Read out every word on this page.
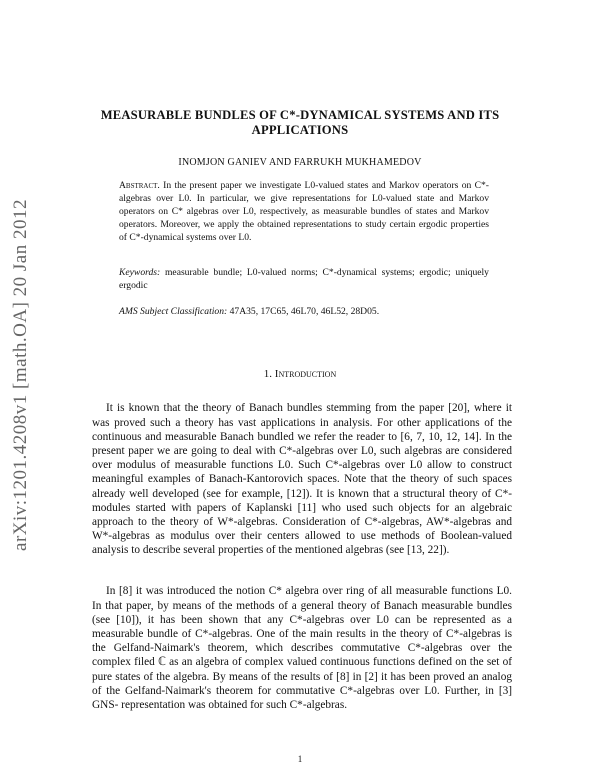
arXiv:1201.4208v1 [math.OA] 20 Jan 2012
MEASURABLE BUNDLES OF C*-DYNAMICAL SYSTEMS AND ITS APPLICATIONS
INOMJON GANIEV AND FARRUKH MUKHAMEDOV
Abstract. In the present paper we investigate L0-valued states and Markov operators on C*-algebras over L0. In particular, we give representations for L0-valued state and Markov operators on C* algebras over L0, respectively, as measurable bundles of states and Markov operators. Moreover, we apply the obtained representations to study certain ergodic properties of C*-dynamical systems over L0.
Keywords: measurable bundle; L0-valued norms; C*-dynamical systems; ergodic; uniquely ergodic
AMS Subject Classification: 47A35, 17C65, 46L70, 46L52, 28D05.
1. Introduction

It is known that the theory of Banach bundles stemming from the paper [20], where it was proved such a theory has vast applications in analysis. For other applications of the continuous and measurable Banach bundled we refer the reader to [6, 7, 10, 12, 14]. In the present paper we are going to deal with C*-algebras over L0, such algebras are considered over modulus of measurable functions L0. Such C*-algebras over L0 allow to construct meaningful examples of Banach-Kantorovich spaces. Note that the theory of such spaces already well developed (see for example, [12]). It is known that a structural theory of C*-modules started with papers of Kaplanski [11] who used such objects for an algebraic approach to the theory of W*-algebras. Consideration of C*-algebras, AW*-algebras and W*-algebras as modulus over their centers allowed to use methods of Boolean-valued analysis to describe several properties of the mentioned algebras (see [13, 22]).

In [8] it was introduced the notion C* algebra over ring of all measurable functions L0. In that paper, by means of the methods of a general theory of Banach measurable bundles (see [10]), it has been shown that any C*-algebras over L0 can be represented as a measurable bundle of C*-algebras. One of the main results in the theory of C*-algebras is the Gelfand-Naimark's theorem, which describes commutative C*-algebras over the complex filed ℂ as an algebra of complex valued continuous functions defined on the set of pure states of the algebra. By means of the results of [8] in [2] it has been proved an analog of the Gelfand-Naimark's theorem for commutative C*-algebras over L0. Further, in [3] GNS- representation was obtained for such C*-algebras.

1
